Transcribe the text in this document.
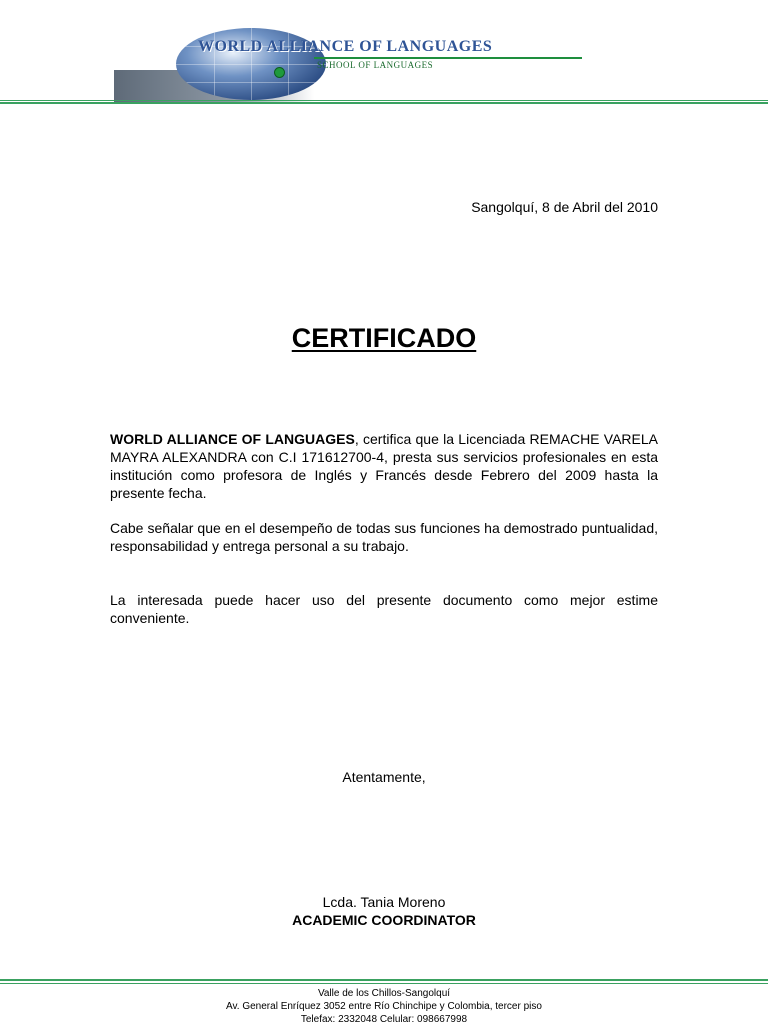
WORLD ALLIANCE OF LANGUAGES
SCHOOL OF LANGUAGES
Sangolquí, 8 de Abril del 2010
CERTIFICADO

WORLD ALLIANCE OF LANGUAGES, certifica que la Licenciada REMACHE VARELA MAYRA ALEXANDRA con C.I 171612700-4, presta sus servicios profesionales en esta institución como profesora de Inglés y Francés desde Febrero del 2009 hasta la presente fecha.

Cabe señalar que en el desempeño de todas sus funciones ha demostrado puntualidad, responsabilidad y entrega personal a su trabajo.

La interesada puede hacer uso del presente documento como mejor estime conveniente.

Atentamente,
Lcda. Tania Moreno
ACADEMIC COORDINATOR
Valle de los Chillos-Sangolquí
Av. General Enríquez 3052 entre Río Chinchipe y Colombia, tercer piso
Telefax: 2332048 Celular: 098667998
